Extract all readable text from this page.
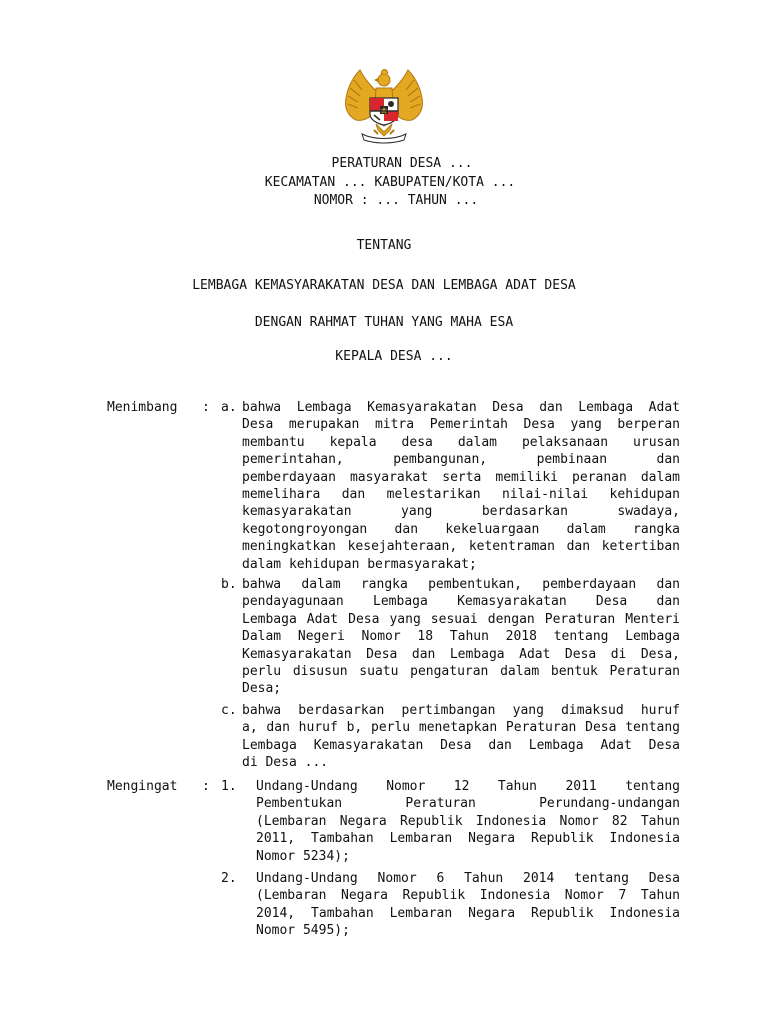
PERATURAN DESA ...
KECAMATAN ... KABUPATEN/KOTA ...
NOMOR : ... TAHUN ...
TENTANG
LEMBAGA KEMASYARAKATAN DESA DAN LEMBAGA ADAT DESA
DENGAN RAHMAT TUHAN YANG MAHA ESA
KEPALA DESA ...
Menimbang : a. bahwa Lembaga Kemasyarakatan Desa dan Lembaga Adat
Desa merupakan mitra Pemerintah Desa yang berperan
membantu kepala desa dalam pelaksanaan urusan
pemerintahan, pembangunan, pembinaan dan
pemberdayaan masyarakat serta memiliki peranan dalam
memelihara dan melestarikan nilai-nilai kehidupan
kemasyarakatan yang berdasarkan swadaya,
kegotongroyongan dan kekeluargaan dalam rangka
meningkatkan kesejahteraan, ketentraman dan ketertiban
dalam kehidupan bermasyarakat;
b. bahwa dalam rangka pembentukan, pemberdayaan dan
pendayagunaan Lembaga Kemasyarakatan Desa dan
Lembaga Adat Desa yang sesuai dengan Peraturan Menteri
Dalam Negeri Nomor 18 Tahun 2018 tentang Lembaga
Kemasyarakatan Desa dan Lembaga Adat Desa di Desa,
perlu disusun suatu pengaturan dalam bentuk Peraturan
Desa;
c. bahwa berdasarkan pertimbangan yang dimaksud huruf
a, dan huruf b, perlu menetapkan Peraturan Desa tentang
Lembaga Kemasyarakatan Desa dan Lembaga Adat Desa
di Desa ...
Mengingat : 1. Undang-Undang Nomor 12 Tahun 2011 tentang
Pembentukan Peraturan Perundang-undangan
(Lembaran Negara Republik Indonesia Nomor 82 Tahun
2011, Tambahan Lembaran Negara Republik Indonesia
Nomor 5234);
2. Undang-Undang Nomor 6 Tahun 2014 tentang Desa
(Lembaran Negara Republik Indonesia Nomor 7 Tahun
2014, Tambahan Lembaran Negara Republik Indonesia
Nomor 5495);
